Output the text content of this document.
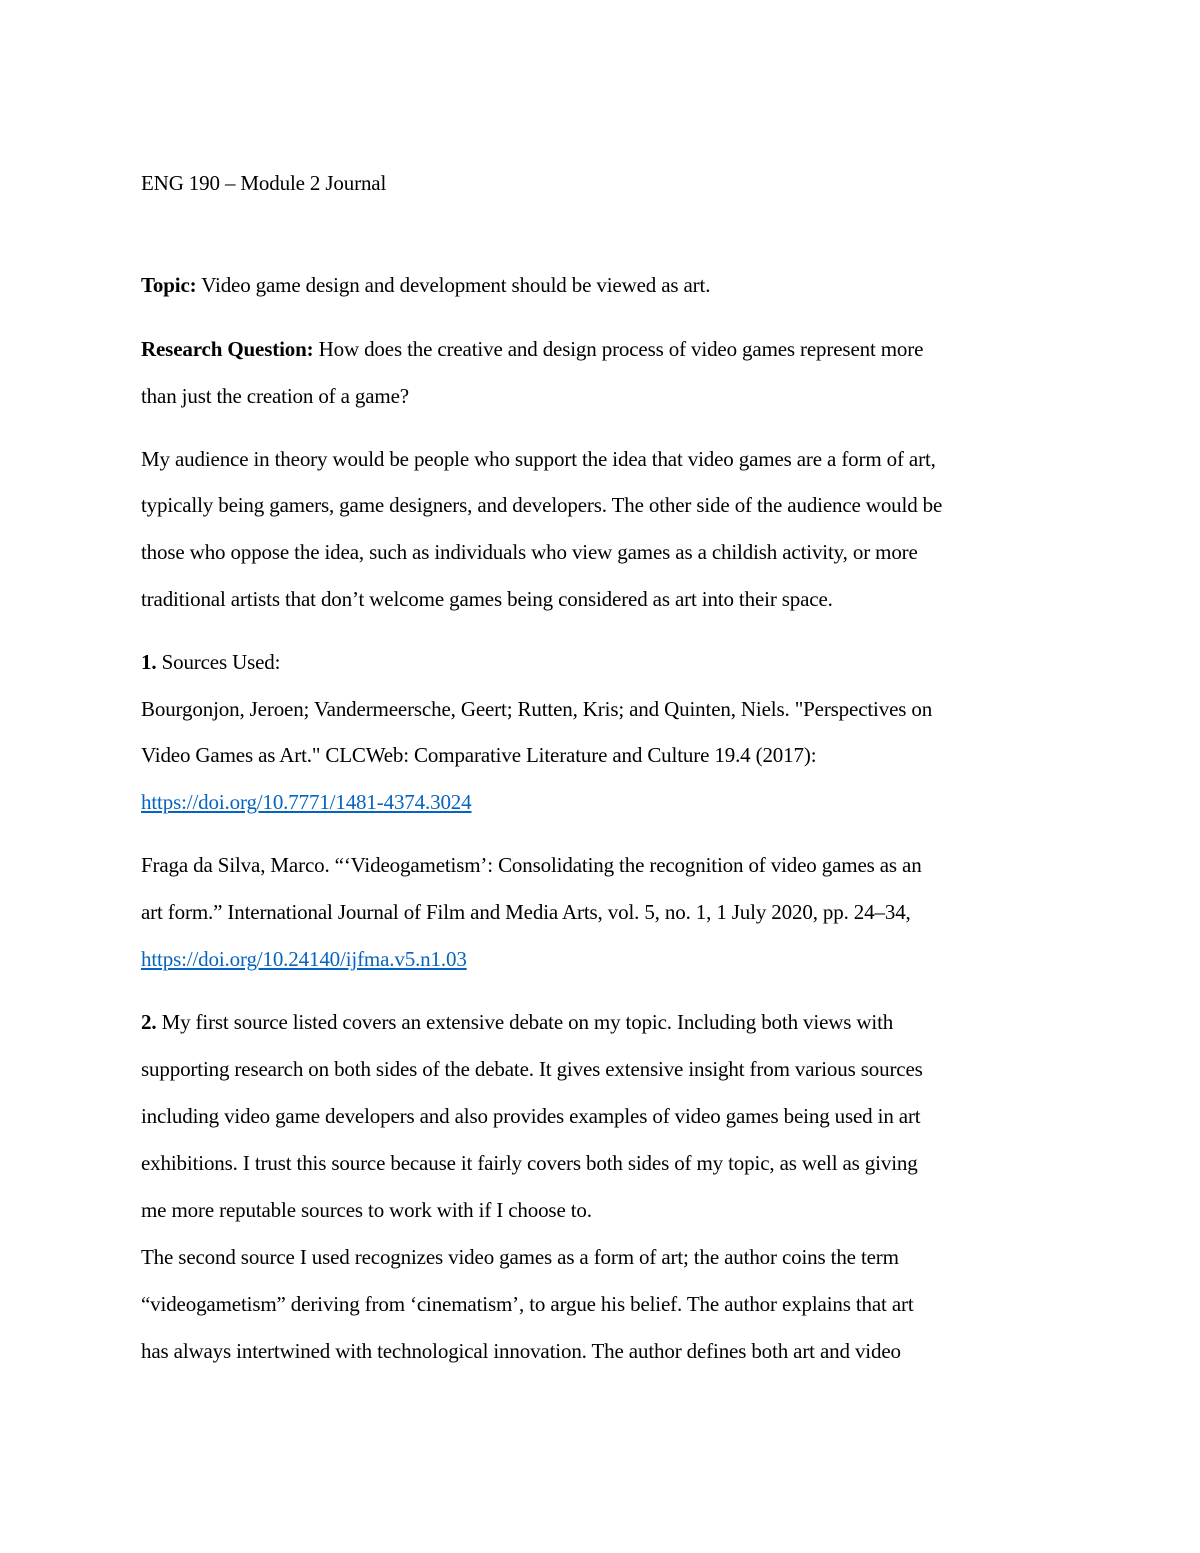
ENG 190 – Module 2 Journal

Topic: Video game design and development should be viewed as art.

Research Question: How does the creative and design process of video games represent more

than just the creation of a game?

My audience in theory would be people who support the idea that video games are a form of art,

typically being gamers, game designers, and developers. The other side of the audience would be

those who oppose the idea, such as individuals who view games as a childish activity, or more

traditional artists that don’t welcome games being considered as art into their space.

1. Sources Used:

Bourgonjon, Jeroen; Vandermeersche, Geert; Rutten, Kris; and Quinten, Niels. "Perspectives on

Video Games as Art." CLCWeb: Comparative Literature and Culture 19.4 (2017):

https://doi.org/10.7771/1481-4374.3024

Fraga da Silva, Marco. “‘Videogametism’: Consolidating the recognition of video games as an

art form.” International Journal of Film and Media Arts, vol. 5, no. 1, 1 July 2020, pp. 24–34,

https://doi.org/10.24140/ijfma.v5.n1.03

2. My first source listed covers an extensive debate on my topic. Including both views with

supporting research on both sides of the debate. It gives extensive insight from various sources

including video game developers and also provides examples of video games being used in art

exhibitions. I trust this source because it fairly covers both sides of my topic, as well as giving

me more reputable sources to work with if I choose to.

The second source I used recognizes video games as a form of art; the author coins the term

“videogametism” deriving from ‘cinematism’, to argue his belief. The author explains that art

has always intertwined with technological innovation. The author defines both art and video
